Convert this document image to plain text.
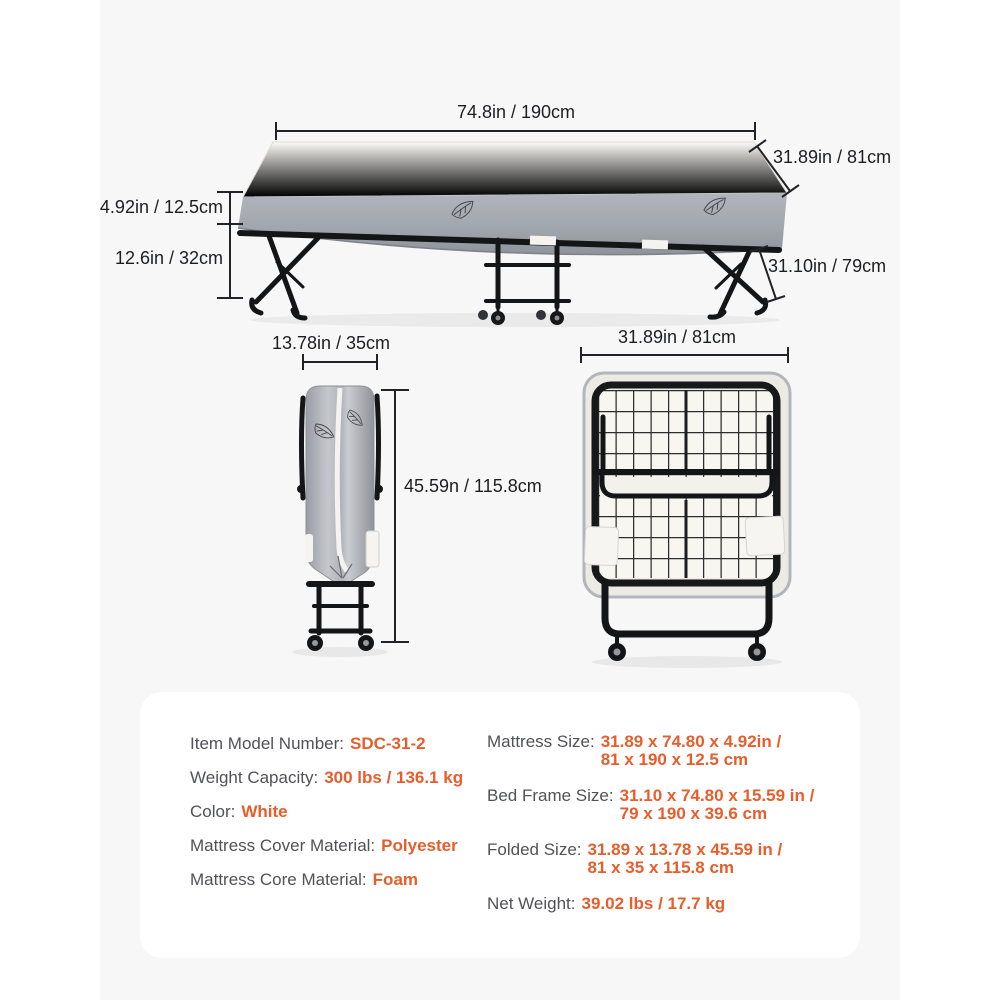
74.8in / 190cm
31.89in / 81cm
4.92in / 12.5cm
12.6in / 32cm	31.10in / 79cm
13.78in / 35cm
45.59n / 115.8cm
31.89in / 81cm
Item Model Number: SDC-31-2
Weight Capacity: 300 lbs / 136.1 kg
Color: White
Mattress Cover Material: Polyester
Mattress Core Material: Foam
Mattress Size: 31.89 x 74.80 x 4.92in /
81 x 190 x 12.5 cm
Bed Frame Size: 31.10 x 74.80 x 15.59 in /
79 x 190 x 39.6 cm
Folded Size: 31.89 x 13.78 x 45.59 in /
81 x 35 x 115.8 cm
Net Weight: 39.02 lbs / 17.7 kg
